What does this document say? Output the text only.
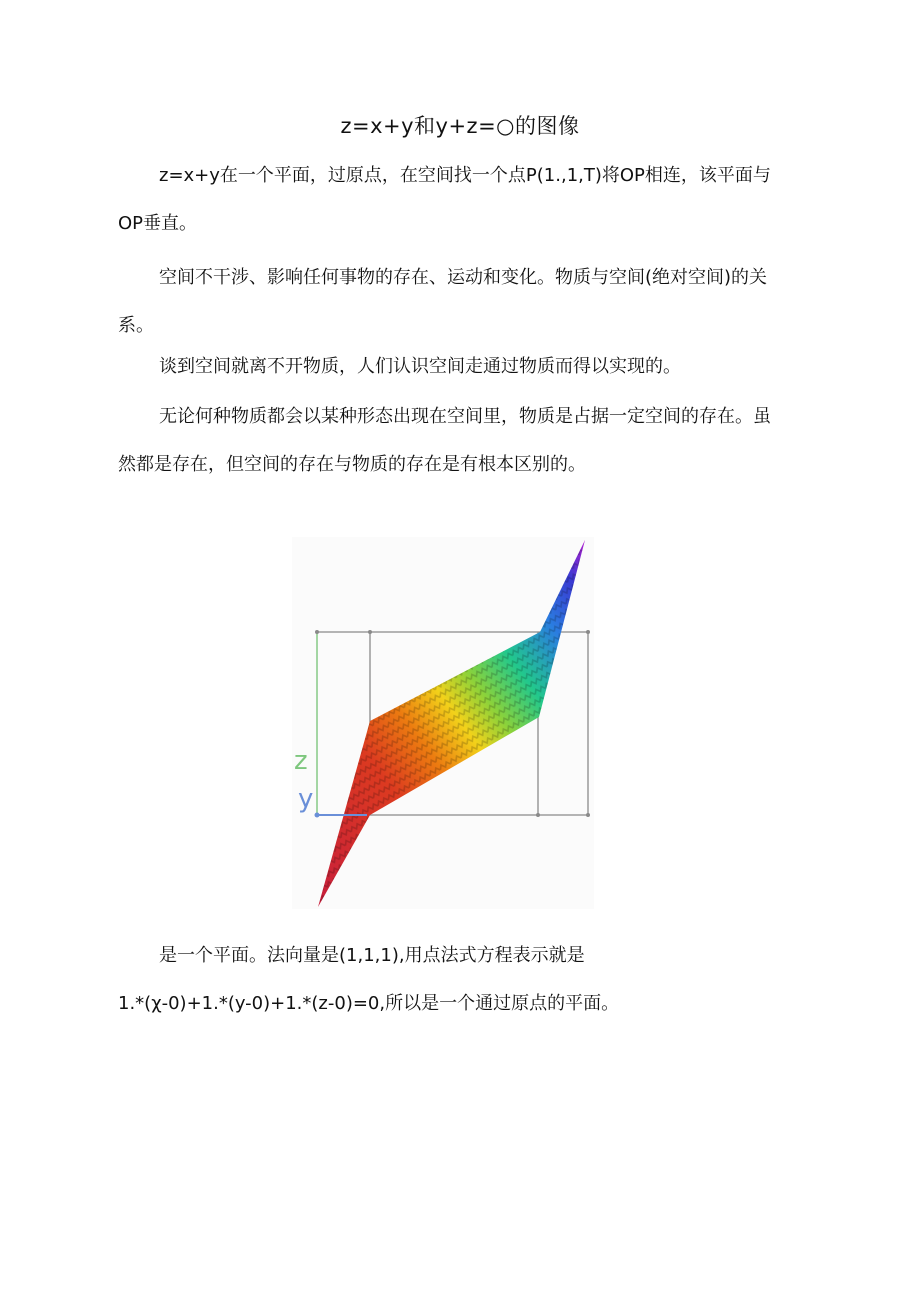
z=x+y和y+z=○的图像

z=x+y在一个平面，过原点，在空间找一个点P(1.,1,T)将OP相连，该平面与OP垂直。

空间不干涉、影响任何事物的存在、运动和变化。物质与空间(绝对空间)的关系。

谈到空间就离不开物质，人们认识空间走通过物质而得以实现的。

无论何种物质都会以某种形态出现在空间里，物质是占据一定空间的存在。虽然都是存在，但空间的存在与物质的存在是有根本区别的。

z
y

是一个平面。法向量是(1,1,1),用点法式方程表示就是

1.*(χ-0)+1.*(y-0)+1.*(z-0)=0,所以是一个通过原点的平面。
